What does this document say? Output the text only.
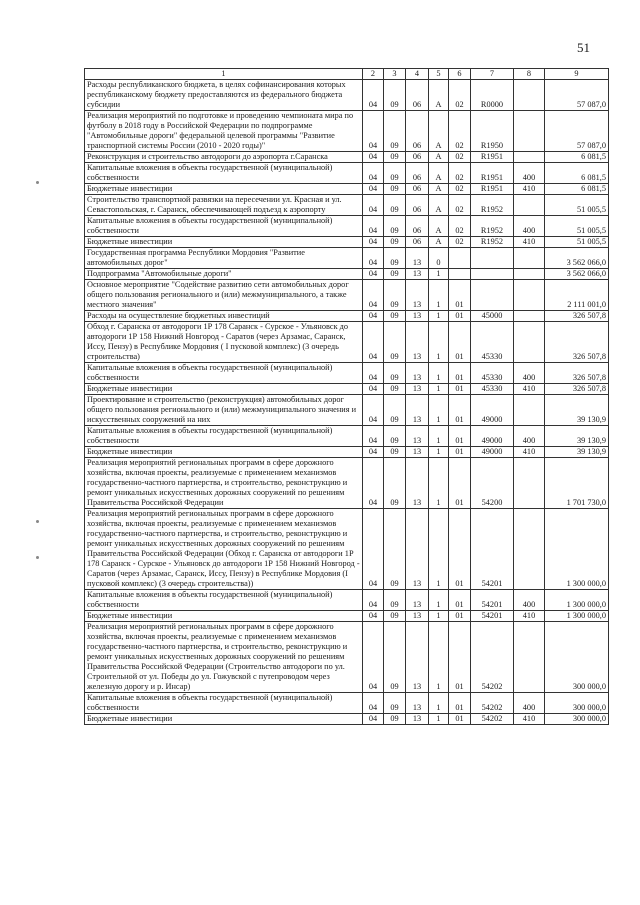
51
1	2	3	4	5	6	7	8	9
Расходы республиканского бюджета, в целях софинансирования которых республиканскому бюджету предоставляются из федерального бюджета субсидии	04	09	06	А	02	R0000		57 087,0
Реализация мероприятий по подготовке и проведению чемпионата мира по футболу в 2018 году в Российской Федерации по подпрограмме "Автомобильные дороги" федеральной целевой программы "Развитие транспортной системы России (2010 - 2020 годы)"	04	09	06	А	02	R1950		57 087,0
Реконструкция и строительство автодороги до аэропорта г.Саранска	04	09	06	А	02	R1951		6 081,5
Капитальные вложения в объекты государственной (муниципальной) собственности	04	09	06	А	02	R1951	400	6 081,5
Бюджетные инвестиции	04	09	06	А	02	R1951	410	6 081,5
Строительство транспортной развязки на пересечении ул. Красная и ул. Севастопольская, г. Саранск, обеспечивающей подъезд к аэропорту	04	09	06	А	02	R1952		51 005,5
Капитальные вложения в объекты государственной (муниципальной) собственности	04	09	06	А	02	R1952	400	51 005,5
Бюджетные инвестиции	04	09	06	А	02	R1952	410	51 005,5
Государственная программа Республики Мордовия "Развитие автомобильных дорог"	04	09	13	0				3 562 066,0
Подпрограмма "Автомобильные дороги"	04	09	13	1				3 562 066,0
Основное мероприятие "Содействие развитию сети автомобильных дорог общего пользования регионального и (или) межмуниципального, а также местного значения"	04	09	13	1	01			2 111 001,0
Расходы на осуществление бюджетных инвестиций	04	09	13	1	01	45000		326 507,8
Обход г. Саранска от автодороги 1Р 178 Саранск - Сурское - Ульяновск до автодороги 1Р 158 Нижний Новгород - Саратов (через Арзамас, Саранск, Исcу, Пензу) в Республике Мордовия ( I пусковой комплекс) (3 очередь строительства)	04	09	13	1	01	45330		326 507,8
Капитальные вложения в объекты государственной (муниципальной) собственности	04	09	13	1	01	45330	400	326 507,8
Бюджетные инвестиции	04	09	13	1	01	45330	410	326 507,8
Проектирование и строительство (реконструкция) автомобильных дорог общего пользования регионального и (или) межмуниципального значения и искусственных сооружений на них	04	09	13	1	01	49000		39 130,9
Капитальные вложения в объекты государственной (муниципальной) собственности	04	09	13	1	01	49000	400	39 130,9
Бюджетные инвестиции	04	09	13	1	01	49000	410	39 130,9
Реализация мероприятий региональных программ в сфере дорожного хозяйства, включая проекты, реализуемые с применением механизмов государственно-частного партнерства, и строительство, реконструкцию и ремонт уникальных искусственных дорожных сооружений по решениям Правительства Российской Федерации	04	09	13	1	01	54200		1 701 730,0
Реализация мероприятий региональных программ в сфере дорожного хозяйства, включая проекты, реализуемые с применением механизмов государственно-частного партнерства, и строительство, реконструкцию и ремонт уникальных искусственных дорожных сооружений по решениям Правительства Российской Федерации (Обход г. Саранска от автодороги 1Р 178 Саранск - Сурское - Ульяновск до автодороги 1Р 158 Нижний Новгород - Саратов (через Арзамас, Саранск, Исcу, Пензу) в Республике Мордовия (I пусковой комплекс) (3 очередь строительства))	04	09	13	1	01	54201		1 300 000,0
Капитальные вложения в объекты государственной (муниципальной) собственности	04	09	13	1	01	54201	400	1 300 000,0
Бюджетные инвестиции	04	09	13	1	01	54201	410	1 300 000,0
Реализация мероприятий региональных программ в сфере дорожного хозяйства, включая проекты, реализуемые с применением механизмов государственно-частного партнерства, и строительство, реконструкцию и ремонт уникальных искусственных дорожных сооружений по решениям Правительства Российской Федерации (Строительство автодороги по ул. Строительной от ул. Победы до ул. Гожувской с путепроводом через железную дорогу и р. Инсар)	04	09	13	1	01	54202		300 000,0
Капитальные вложения в объекты государственной (муниципальной) собственности	04	09	13	1	01	54202	400	300 000,0
Бюджетные инвестиции	04	09	13	1	01	54202	410	300 000,0
